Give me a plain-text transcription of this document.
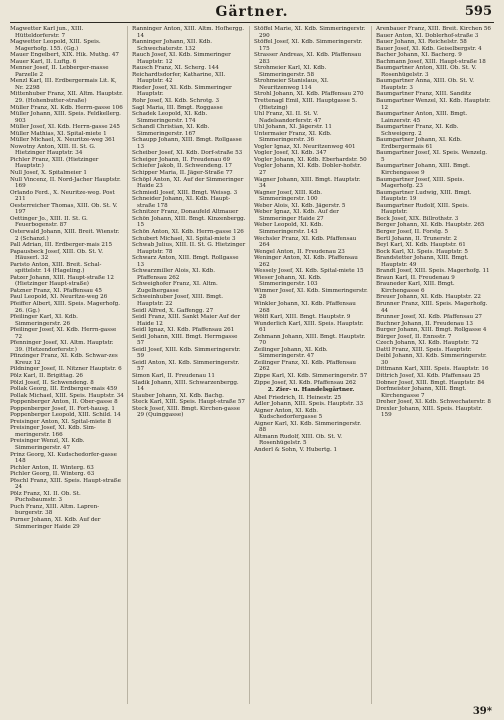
Gärtner.	595

Magwetter Karl jun., XIII. Hütteldorferstr. 7

Magwetter Leopold, XIII. Speis. Magerhofg. 155. (Gg.)

Mauer Engelbert, XIX. Hik. Muthg. 47

Mauer Karl, II. Luftg. 6

Menner Josef, II. Lebberger-masse Parzelle 2

Menzl Karl, III. Erdbergermais Lit. K, Nr. 2298

Mittenhuber Franz, XII. Altm. Hauptstr. 29. (Hohenbutter-straße)

Müller Franz, XI. Kdb. Herrn-gasse 106

Müller Johann, XIII. Speis. Feldkellerg. 903

Müller Josef, XI. Kdb. Herrn-gasse 245

Müller Mathias, XI. Spital-miete 1

Müller Michael, X. Neuritze-weg 361

Nowotny Anton, XIII. II. St. G. Hietzinger Hauptstr. 34

Pichler Franz, XIII. (Hietzinger Hauptstr.)

Null Josef, X. Spitalmeier 1

Null Vincenz, II. Nord-Jacher Hauptstr. 169

Orlando Ferd., X. Neuritze-weg. Post 211

Oesterreicher Thomas, XIII. Ob. St. V. 197

Oettinger Jo., XIII. II. St. G. Feuerbogenstr. 87

Osterwald Johann, XIII. Breit. Wienstr. 2 (Schanzl.)

Pall Adrian, III. Erdberger-mais 215

Papausbeck Josef, XIII. Ob. St. V. Häuserl. 32

Paristo Anton, XIII. Breit. Schal-spittelstr. 14 (Hageling.)

Patzer Johann, XIII. Haupt-straße 12 (Hietzinger Haupt-straße)

Patzner Franz, XI. Pfaffensau 45

Paul Leopold, XI. Neuritze-weg 26

Pfeiffer Albert, XIII. Speis. Magerhofg. 26. (Gg.)

Pfeilinger Karl, XI. Kdb. Simmeringerstr. 26

Pfeilinger Josef, XI. Kdb. Herrn-gasse 72

Pfenninger Josef, XI. Altm. Hauptstr. 39. (Hetzendorferstr.)

Pfinzinger Franz, XI. Kdb. Schwar-zes Kreuz 12

Pildninger Josef, II. Nitzner Hauptstr. 6

Pölz Karl, II. Brigittag. 26

Pölzl Josef, II. Schwendeng. 8

Pollak Georg, III. Erdberger-mais 459

Pollak Michael, XIII. Speis. Hauptstr. 34

Poppenberger Anton, II. Ober-gasse 8

Poppenberger Josef, II. Fort-hausg. 1

Poppenberger Leopold, XIII. Schild. 14

Preisinger Anton, XI. Spital-miete 8

Preisinger Josef, XI. Kdb. Sim-meringerstr. 166

Preisinger Wenzl, XI. Kdb. Simmeringerstr. 47

Prinz Georg, XI. Kudschedorfer-gasse 148

Pichler Anton, II. Winterg. 63

Pichler Georg, II. Winterg. 63

Pöschl Franz, XIII. Speis. Haupt-straße 24

Pölz Franz, XI. II. Ob. St. Puchsbaumstr. 3

Puch Franz, XIII. Altm. Lapren-burgerstr. 38

Purner Johann, XI. Kdb. Auf der Simmeringer Haide 29

Ranninger Anton, XIII. Altm. Hofhergg. 14

Ranninger Johann, XII. Kdb. Schwechaterstr. 132

Rauch Josef, XI. Kdb. Simmeringer Hauptstr. 12

Rausch Franz, XI. Scherg. 144

Reichardtsdorfer, Katharine, XII. Hauptstr. 42

Rieder Josef, XI. Kdb. Simmeringer Hauptstr.

Rohr Josef, XI. Kdb. Schrotg. 3

Sagl Maria, III. Bmgt. Roggasse

Schadek Leopold, XI. Kdb. Simmeringerstr. 174

Schandl Christian, XI. Kdb. Simmeringerstr. 167

Schaupp Johann, XIII. Bmgt. Rollgasse 13

Scheiber Josef, XI. Kdb. Dorf-straße 53

Scheiger Johann, II. Freudenau 69

Schiefer Jakob, II. Schwendeng. 17

Schipper Maria, II. Jäger-Straße 77

Schöpl Anton, XI. Auf der Simmeringer Haide 23

Schmiedl Josef, XIII. Bmgt. Weissg. 3

Schneider Johann, XI. Kdb. Haupt-straße 178

Schnitzer Franz, Donaufeld Altmauer

Schön Johann, XIII. Bmgt. Kinzenbergg. 15

Schön Anton, XI. Kdb. Herrn-gasse 126

Schubert Michael, XI. Spital-miete 3

Schwab Julius, XIII. II. St. G. Hietzinger Hauptstr. 78

Schwarz Anton, XIII. Bmgt. Rollgasse 13

Schwarzmiller Alois, XI. Kdb. Pfaffensau 262

Schweighofer Franz, XI. Altm. Zugelhergasse

Schweinhuber Josef, XIII. Bmgt. Hauptstr. 22

Seidl Alfred, X. Gaffengg. 27

Seidl Franz, XIII. Sankt Maier Auf der Haide 12

Seidl Ignaz, XI. Kdb. Pfaffensau 261

Seidl Johann, XIII. Bmgt. Herrngasse 57

Seidl Josef, XIII. Kdb. Simmeringerstr. 59

Seidl Anton, XI. Kdb. Simmeringerstr. 57

Simon Karl, II. Freudenau 11

Sladik Johann, XIII. Schwarzenbergg. 14

Stauber Johann, XI. Kdb. Bachg.

Steck Karl, XIII. Speis. Haupt-straße 57

Steck Josef, XIII. Bmgt. Kirchen-gasse 29 (Quinggasse)

Stöffel Marie, XI. Kdb. Simmeringerstr. 290

Stöffel Josef, XI. Kdb. Simmeringerstr. 175

Strasser Andreas, XI. Kdb. Pfaffensau 283

Strohmeier Karl, XI. Kdb. Simmeringerstr. 58

Strohmeier Stanislaus, XI. Neuritzenweg 114

Strohl Johann, XI. Kdb. Pfaffensau 270

Trettenagl Emil, XIII. Hauptgasse 5. (Hietzing)

Uhl Franz, XI. II. St. V. Nadelsandorferstr. 47

Uhl Johann, XI. Jägerstr. 11

Untermaier Franz, XI. Kdb. Simmeringerstr. 36

Vogler Ignaz, XI. Neuritzenweg 401

Vogler Josef, XI. Kdb. 347

Vogler Johann, XI. Kdb. Eberhardstr. 50

Vogler Johann, XI. Kdb. Dobler-hofstr. 27

Wagner Johann, XIII. Bmgt. Hauptstr. 34

Wagner Josef, XIII. Kdb. Simmeringerstr. 100

Weber Alois, XI. Kdb. Jägerstr. 5

Weber Ignaz, XI. Kdb. Auf der Simmeringer Haide 27

Weber Leopold, XI. Kdb. Simmeringerstr. 143

Wechsler Franz, XI. Kdb. Pfaffensau 264

Wengel Anton, II. Freudenau 23

Weninger Anton, XI. Kdb. Pfaffensau 262

Wessely Josef, XI. Kdb. Spital-miete 15

Wieser Johann, XI. Kdb. Simmeringerstr. 103

Wimmer Josef, XI. Kdb. Simmeringerstr. 28

Winkler Johann, XI. Kdb. Pfaffensau 268

Wölfl Karl, XIII. Bmgt. Hauptstr. 9

Wunderlich Karl, XIII. Speis. Hauptstr. 61

Zehmann Johann, XIII. Bmgt. Hauptstr. 70

Zeilinger Johann, XI. Kdb. Simmeringerstr. 47

Zeilinger Franz, XI. Kdb. Pfaffensau 262

Zippe Karl, XI. Kdb. Simmeringerstr. 57

Zippe Josef, XI. Kdb. Pfaffensau 262

2. Zier- u. Handelsgärtner.

Abel Friedrich, II. Heinestr. 25

Adler Johann, XIII. Speis. Hauptstr. 33

Aigner Anton, XI. Kdb. Kudschedorfergasse 5

Aigner Karl, XI. Kdb. Simmeringerstr. 88

Altmann Rudolf, XIII. Ob. St. V. Rosenhügelstr. 5

Anderl & Sohn, V. Hubertg. 1

Arenbauer Franz, XIII. Breit. Kirchen 56

Bauer Anton, XI. Doblerhof-straße 3

Bauer Johann, XI. Reichelstr. 58

Bauer Josef, XI. Kdb. Geiselbergstr. 4

Bacher Johann, XI. Bacherg. 9

Bachmann Josef, XIII. Haupt-straße 18

Baumgartner Anton, XIII. Ob. St. V. Rosenhügelstr. 3

Baumgartner Anna, XIII. Ob. St. V. Hauptstr. 3

Baumgartner Franz, XIII. Sanditz

Baumgartner Wenzel, XI. Kdb. Hauptstr. 12

Baumgartner Anton, XIII. Bmgt. Lainzerstr. 45

Baumgartner Franz, XI. Kdb. Schweigerg. 2

Baumgartner Johann, XI. Kdb. Erdbergermais 61

Baumgartner Josef, XI. Speis. Wenzelg. 5

Baumgartner Johann, XIII. Bmgt. Kirchengasse 9

Baumgartner Josef, XIII. Speis. Magerhofg. 23

Baumgartner Ludwig, XIII. Bmgt. Hauptstr. 19

Baumgartner Rudolf, XIII. Speis. Hauptstr.

Beck Josef, XIX. Billrothstr. 3

Berger Johann, XI. Kdb. Hauptstr. 265

Berger Josef, II. Forstg. 5

Bertl Johann, II. Trunerstr. 2

Beyl Karl, XI. Kdb. Hauptstr. 61

Bock Karl, XI. Speis. Hauptstr. 5

Brandstetter Johann, XIII. Bmgt. Hauptstr. 49

Brandt Josef, XIII. Speis. Magerhofg. 11

Braun Karl, II. Freudenau 9

Brauneder Karl, XIII. Bmgt. Kirchengasse 6

Breuer Johann, XI. Kdb. Hauptstr. 22

Brunner Franz, XIII. Speis. Magerhofg. 44

Brunner Josef, XI. Kdb. Pfaffensau 27

Buchner Johann, II. Freudenau 13

Burger Johann, XIII. Bmgt. Rollgasse 4

Bürger Josef, II. Ennsstr. 7

Czech Johann, XI. Kdb. Hauptstr. 72

Dattl Franz, XIII. Speis. Hauptstr.

Deibl Johann, XI. Kdb. Simmeringerstr. 30

Dittmann Karl, XIII. Speis. Hauptstr. 16

Dittrich Josef, XI. Kdb. Pfaffensau 25

Dobner Josef, XIII. Bmgt. Hauptstr. 84

Dorfmeister Johann, XIII. Bmgt. Kirchengasse 7

Dreher Josef, XI. Kdb. Schwechaterstr. 8

Drexler Johann, XIII. Speis. Hauptstr. 159

39*
